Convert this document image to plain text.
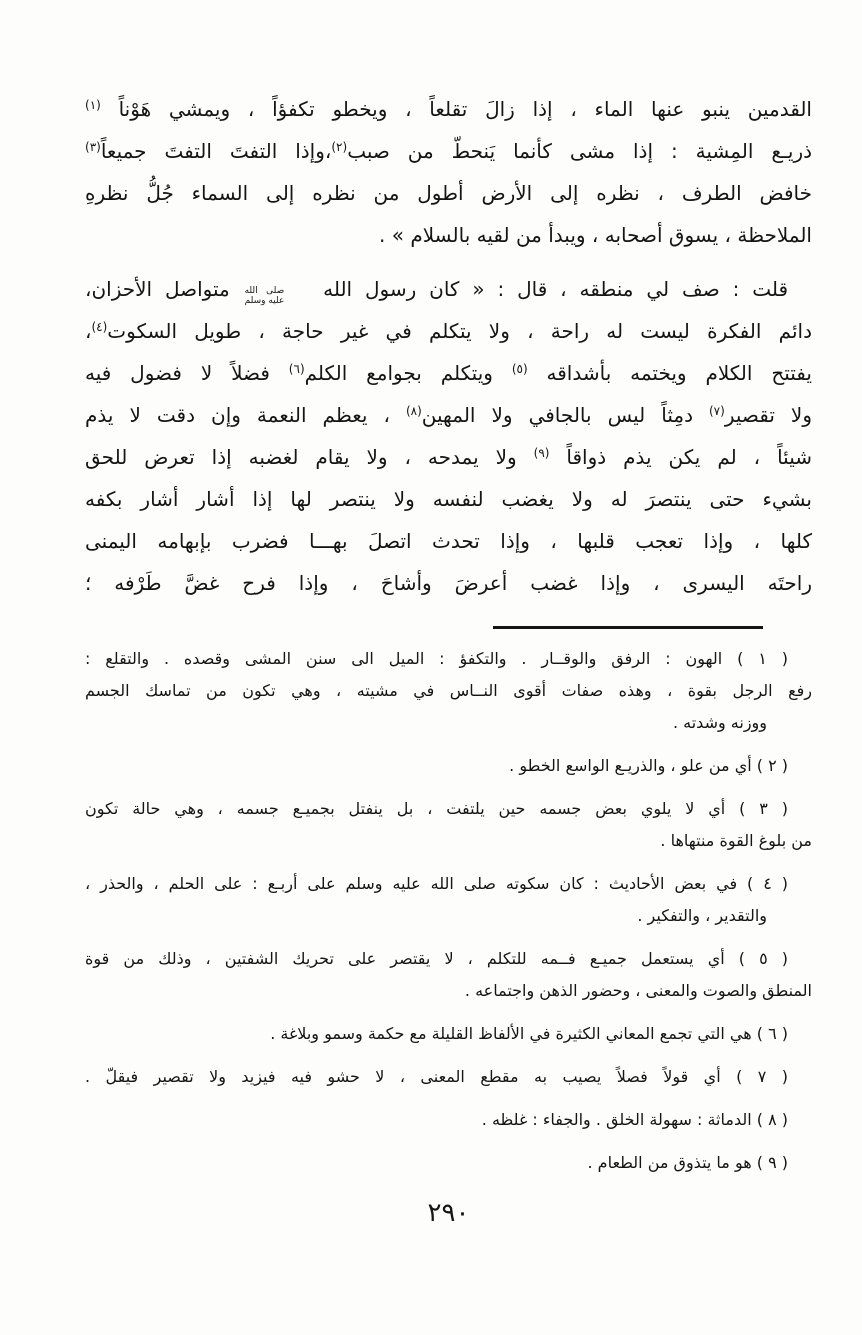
القدمين ينبو عنها الماء ، إذا زالَ تقلعاً ، ويخطو تكفؤاً ، ويمشي هَوْناً $^{(١)}$
ذريـع المِشية : إذا مشى كأنما يَنحطّ من صبب$^{(٢)}$،وإذا التفتَ التفتَ جميعاً$^{(٣)}$
خافض الطرف ، نظره إلى الأرض أطول من نظره إلى السماء جُلُّ نظرهِ
الملاحظة ، يسوق أصحابه ، ويبدأ من لقيه بالسلام » .
قلت : صف لي منطقه ، قال : « كان رسول الله
صلى الله
عليه وسلم
متواصل الأحزان،
دائم الفكرة ليست له راحة ، ولا يتكلم في غير حاجة ، طويل السكوت$^{(٤)}$،
يفتتح الكلام ويختمه بأشداقه $^{(٥)}$ ويتكلم بجوامع الكلم$^{(٦)}$ فضلاً لا فضول فيه
ولا تقصير$^{(٧)}$ دمِثاً ليس بالجافي ولا المهين$^{(٨)}$ ، يعظم النعمة وإن دقت لا يذم
شيئاً ، لم يكن يذم ذواقاً $^{(٩)}$ ولا يمدحه ، ولا يقام لغضبه إذا تعرض للحق
بشيء حتى ينتصرَ له ولا يغضب لنفسه ولا ينتصر لها إذا أشار أشار بكفه
كلها ، وإذا تعجب قلبها ، وإذا تحدث اتصلَ بهـــا فضرب بإبهامه اليمنى
راحتَه اليسرى ، وإذا غضب أعرضَ وأشاحَ ، وإذا فرح غضَّ طَرْفه ؛
( ١ ) الهون : الرفق والوقــار . والتكفؤ : الميل الى سنن المشى وقصده . والتقلع :
رفع الرجل بقوة ، وهذه صفات أقوى النــاس في مشيته ، وهي تكون من تماسك الجسم
ووزنه وشدته .
( ٢ ) أي من علو ، والذريـع الواسع الخطو .
( ٣ ) أي لا يلوي بعض جسمه حين يلتفت ، بل ينفتل بجميـع جسمه ، وهي حالة تكون
من بلوغ القوة منتهاها .
( ٤ ) في بعض الأحاديث : كان سكوته صلى الله عليه وسلم على أربـع : على الحلم ، والحذر ،
والتقدير ، والتفكير .
( ٥ ) أي يستعمل جميـع فــمه للتكلم ، لا يقتصر على تحريك الشفتين ، وذلك من قوة
المنطق والصوت والمعنى ، وحضور الذهن واجتماعه .
( ٦ ) هي التي تجمع المعاني الكثيرة في الألفاظ القليلة مع حكمة وسمو وبلاغة .
( ٧ ) أي قولاً فصلاً يصيب به مقطع المعنى ، لا حشو فيه فيزيد ولا تقصير فيقلّ .
( ٨ ) الدماثة : سهولة الخلق . والجفاء : غلظه .
( ٩ ) هو ما يتذوق من الطعام .
٢٩٠
